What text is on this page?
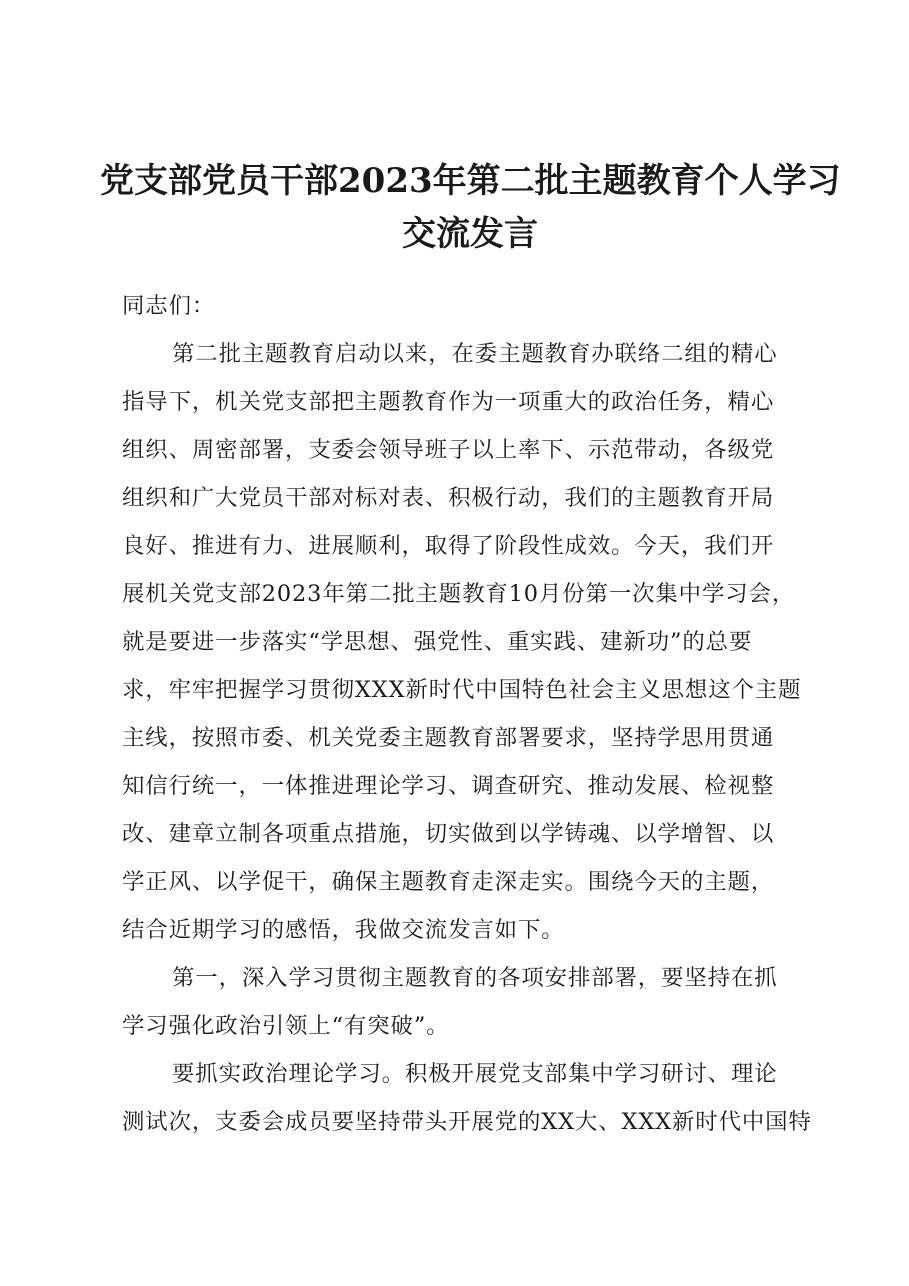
党支部党员干部2023年第二批主题教育个人学习
交流发言
同志们：
第二批主题教育启动以来，在委主题教育办联络二组的精心
指导下，机关党支部把主题教育作为一项重大的政治任务，精心
组织、周密部署，支委会领导班子以上率下、示范带动，各级党
组织和广大党员干部对标对表、积极行动，我们的主题教育开局
良好、推进有力、进展顺利，取得了阶段性成效。今天，我们开
展机关党支部2023年第二批主题教育10月份第一次集中学习会，
就是要进一步落实“学思想、强党性、重实践、建新功”的总要
求，牢牢把握学习贯彻XXX新时代中国特色社会主义思想这个主题
主线，按照市委、机关党委主题教育部署要求，坚持学思用贯通
知信行统一，一体推进理论学习、调查研究、推动发展、检视整
改、建章立制各项重点措施，切实做到以学铸魂、以学增智、以
学正风、以学促干，确保主题教育走深走实。围绕今天的主题，
结合近期学习的感悟，我做交流发言如下。
第一，深入学习贯彻主题教育的各项安排部署，要坚持在抓
学习强化政治引领上“有突破”。
要抓实政治理论学习。积极开展党支部集中学习研讨、理论
测试次，支委会成员要坚持带头开展党的XX大、XXX新时代中国特
